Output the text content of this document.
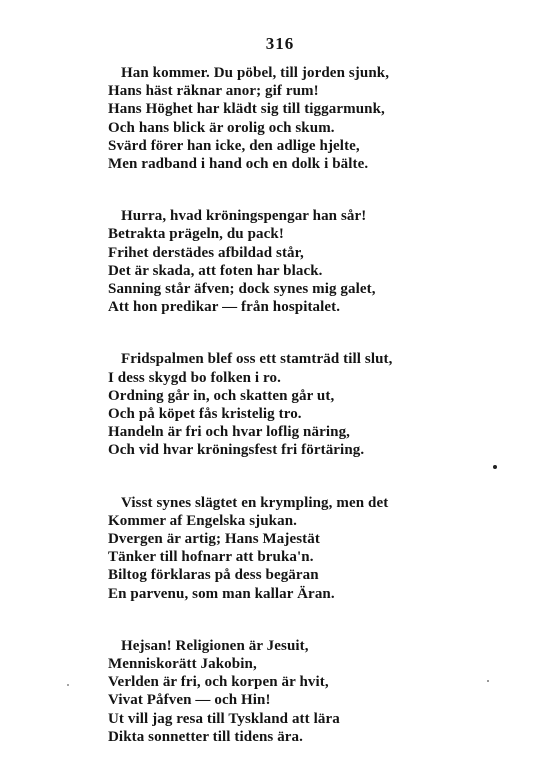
316
Han kommer. Du pöbel, till jorden sjunk,
Hans häst räknar anor; gif rum!
Hans Höghet har klädt sig till tiggarmunk,
Och hans blick är orolig och skum.
Svärd förer han icke, den adlige hjelte,
Men radband i hand och en dolk i bälte.
Hurra, hvad kröningspengar han sår!
Betrakta prägeln, du pack!
Frihet derstädes afbildad står,
Det är skada, att foten har black.
Sanning står äfven; dock synes mig galet,
Att hon predikar — från hospitalet.
Fridspalmen blef oss ett stamträd till slut,
I dess skygd bo folken i ro.
Ordning går in, och skatten går ut,
Och på köpet fås kristelig tro.
Handeln är fri och hvar loflig näring,
Och vid hvar kröningsfest fri förtäring.
Visst synes slägtet en krympling, men det
Kommer af Engelska sjukan.
Dvergen är artig; Hans Majestät
Tänker till hofnarr att bruka'n.
Biltog förklaras på dess begäran
En parvenu, som man kallar Äran.
Hejsan! Religionen är Jesuit,
Menniskorätt Jakobin,
Verlden är fri, och korpen är hvit,
Vivat Påfven — och Hin!
Ut vill jag resa till Tyskland att lära
Dikta sonnetter till tidens ära.
